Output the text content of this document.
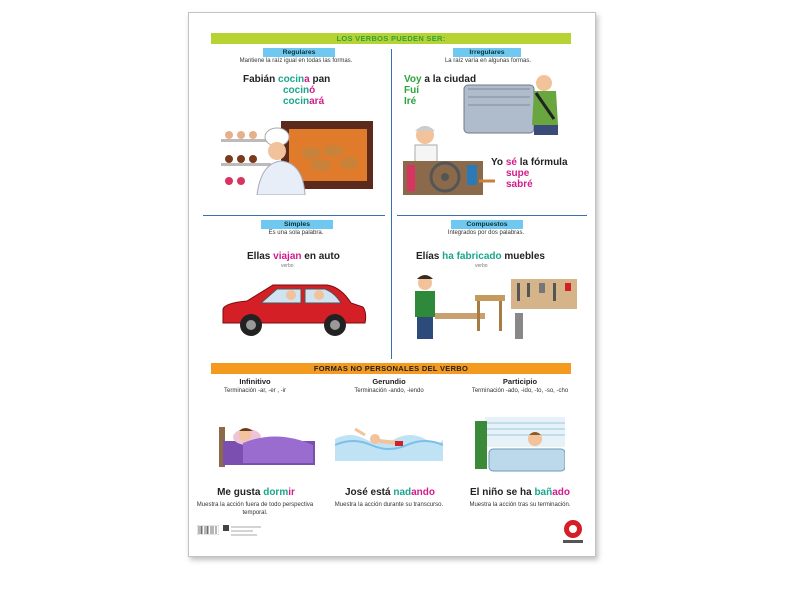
LOS VERBOS PUEDEN SER:
Regulares
Mantiene la raíz igual en todas las formas.
Fabián cocina pan
cocinó
cocinará
Irregulares
La raíz varía en algunas formas.
Voy a la ciudad
Fuí
Iré
Yo sé la fórmula
supe
sabré
Simples
Es una sola palabra.
Ellas viajan en auto
verbo
Compuestos
Integrados por dos palabras.
Elías ha fabricado muebles
verbo
FORMAS NO PERSONALES DEL VERBO
Infinitivo
Terminación -ar, -er , -ir
Gerundio
Terminación -ando, -iendo
Participio
Terminación -ado, -ido, -to, -so, -cho
Me gusta dormir	José está nadando	El niño se ha bañado
Muestra la acción fuera de todo perspectiva temporal.
Muestra la acción durante su transcurso.	Muestra la acción tras su terminación.
